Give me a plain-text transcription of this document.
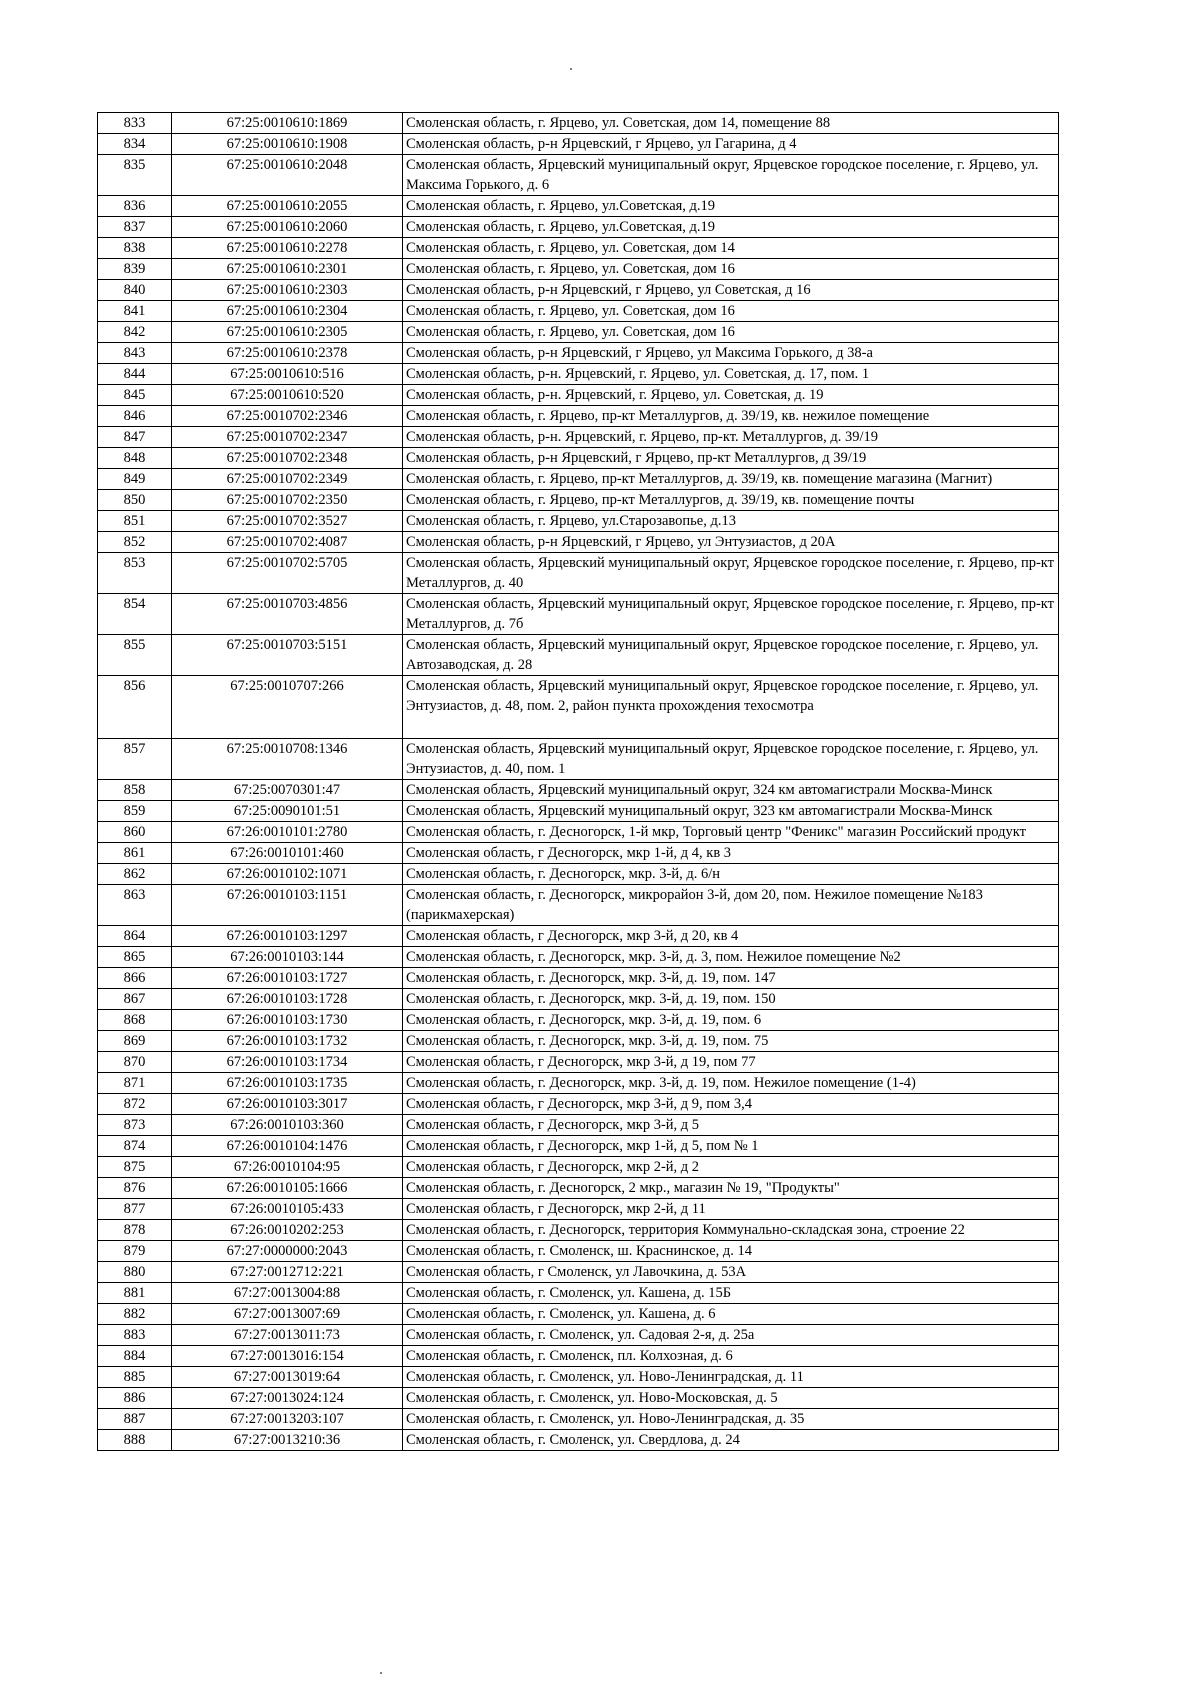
833	67:25:0010610:1869	Смоленская область, г. Ярцево, ул. Советская, дом 14, помещение 88
834	67:25:0010610:1908	Смоленская область, р-н Ярцевский, г Ярцево, ул Гагарина, д 4
835	67:25:0010610:2048	Смоленская область, Ярцевский муниципальный округ, Ярцевское городское поселение, г. Ярцево, ул. Максима Горького, д. 6
836	67:25:0010610:2055	Смоленская область, г. Ярцево, ул.Советская, д.19
837	67:25:0010610:2060	Смоленская область, г. Ярцево, ул.Советская, д.19
838	67:25:0010610:2278	Смоленская область, г. Ярцево, ул. Советская, дом 14
839	67:25:0010610:2301	Смоленская область, г. Ярцево, ул. Советская, дом 16
840	67:25:0010610:2303	Смоленская область, р-н Ярцевский, г Ярцево, ул Советская, д 16
841	67:25:0010610:2304	Смоленская область, г. Ярцево, ул. Советская, дом 16
842	67:25:0010610:2305	Смоленская область, г. Ярцево, ул. Советская, дом 16
843	67:25:0010610:2378	Смоленская область, р-н Ярцевский, г Ярцево, ул Максима Горького, д 38-а
844	67:25:0010610:516	Смоленская область, р-н. Ярцевский, г. Ярцево, ул. Советская, д. 17, пом. 1
845	67:25:0010610:520	Смоленская область, р-н. Ярцевский, г. Ярцево, ул. Советская, д. 19
846	67:25:0010702:2346	Смоленская область, г. Ярцево, пр-кт Металлургов, д. 39/19, кв. нежилое помещение
847	67:25:0010702:2347	Смоленская область, р-н. Ярцевский, г. Ярцево, пр-кт. Металлургов, д. 39/19
848	67:25:0010702:2348	Смоленская область, р-н Ярцевский, г Ярцево, пр-кт Металлургов, д 39/19
849	67:25:0010702:2349	Смоленская область, г. Ярцево, пр-кт Металлургов, д. 39/19, кв. помещение магазина (Магнит)
850	67:25:0010702:2350	Смоленская область, г. Ярцево, пр-кт Металлургов, д. 39/19, кв. помещение почты
851	67:25:0010702:3527	Смоленская область, г. Ярцево, ул.Старозавопье, д.13
852	67:25:0010702:4087	Смоленская область, р-н Ярцевский, г Ярцево, ул Энтузиастов, д 20А
853	67:25:0010702:5705	Смоленская область, Ярцевский муниципальный округ, Ярцевское городское поселение, г. Ярцево, пр-кт Металлургов, д. 40
854	67:25:0010703:4856	Смоленская область, Ярцевский муниципальный округ, Ярцевское городское поселение, г. Ярцево, пр-кт Металлургов, д. 7б
855	67:25:0010703:5151	Смоленская область, Ярцевский муниципальный округ, Ярцевское городское поселение, г. Ярцево, ул. Автозаводская, д. 28
856	67:25:0010707:266	Смоленская область, Ярцевский муниципальный округ, Ярцевское городское поселение, г. Ярцево, ул. Энтузиастов, д. 48, пом. 2, район пункта прохождения техосмотра
857	67:25:0010708:1346	Смоленская область, Ярцевский муниципальный округ, Ярцевское городское поселение, г. Ярцево, ул. Энтузиастов, д. 40, пом. 1
858	67:25:0070301:47	Смоленская область, Ярцевский муниципальный округ, 324 км автомагистрали Москва-Минск
859	67:25:0090101:51	Смоленская область, Ярцевский муниципальный округ, 323 км автомагистрали Москва-Минск
860	67:26:0010101:2780	Смоленская область, г. Десногорск, 1-й мкр, Торговый центр "Феникс" магазин Российский продукт
861	67:26:0010101:460	Смоленская область, г Десногорск, мкр 1-й, д 4, кв 3
862	67:26:0010102:1071	Смоленская область, г. Десногорск, мкр. 3-й, д. 6/н
863	67:26:0010103:1151	Смоленская область, г. Десногорск, микрорайон 3-й, дом 20, пом. Нежилое помещение №183 (парикмахерская)
864	67:26:0010103:1297	Смоленская область, г Десногорск, мкр 3-й, д 20, кв 4
865	67:26:0010103:144	Смоленская область, г. Десногорск, мкр. 3-й, д. 3, пом. Нежилое помещение №2
866	67:26:0010103:1727	Смоленская область, г. Десногорск, мкр. 3-й, д. 19, пом. 147
867	67:26:0010103:1728	Смоленская область, г. Десногорск, мкр. 3-й, д. 19, пом. 150
868	67:26:0010103:1730	Смоленская область, г. Десногорск, мкр. 3-й, д. 19, пом. 6
869	67:26:0010103:1732	Смоленская область, г. Десногорск, мкр. 3-й, д. 19, пом. 75
870	67:26:0010103:1734	Смоленская область, г Десногорск, мкр 3-й, д 19, пом 77
871	67:26:0010103:1735	Смоленская область, г. Десногорск, мкр. 3-й, д. 19, пом. Нежилое помещение (1-4)
872	67:26:0010103:3017	Смоленская область, г Десногорск, мкр 3-й, д 9, пом 3,4
873	67:26:0010103:360	Смоленская область, г Десногорск, мкр 3-й, д 5
874	67:26:0010104:1476	Смоленская область, г Десногорск, мкр 1-й, д 5, пом № 1
875	67:26:0010104:95	Смоленская область, г Десногорск, мкр 2-й, д 2
876	67:26:0010105:1666	Смоленская область, г. Десногорск, 2 мкр., магазин № 19, "Продукты"
877	67:26:0010105:433	Смоленская область, г Десногорск, мкр 2-й, д 11
878	67:26:0010202:253	Смоленская область, г. Десногорск, территория Коммунально-складская зона, строение 22
879	67:27:0000000:2043	Смоленская область, г. Смоленск, ш. Краснинское, д. 14
880	67:27:0012712:221	Смоленская область, г Смоленск, ул Лавочкина, д. 53А
881	67:27:0013004:88	Смоленская область, г. Смоленск, ул. Кашена, д. 15Б
882	67:27:0013007:69	Смоленская область, г. Смоленск, ул. Кашена, д. 6
883	67:27:0013011:73	Смоленская область, г. Смоленск, ул. Садовая 2-я, д. 25а
884	67:27:0013016:154	Смоленская область, г. Смоленск, пл. Колхозная, д. 6
885	67:27:0013019:64	Смоленская область, г. Смоленск, ул. Ново-Ленинградская, д. 11
886	67:27:0013024:124	Смоленская область, г. Смоленск, ул. Ново-Московская, д. 5
887	67:27:0013203:107	Смоленская область, г. Смоленск, ул. Ново-Ленинградская, д. 35
888	67:27:0013210:36	Смоленская область, г. Смоленск, ул. Свердлова, д. 24
